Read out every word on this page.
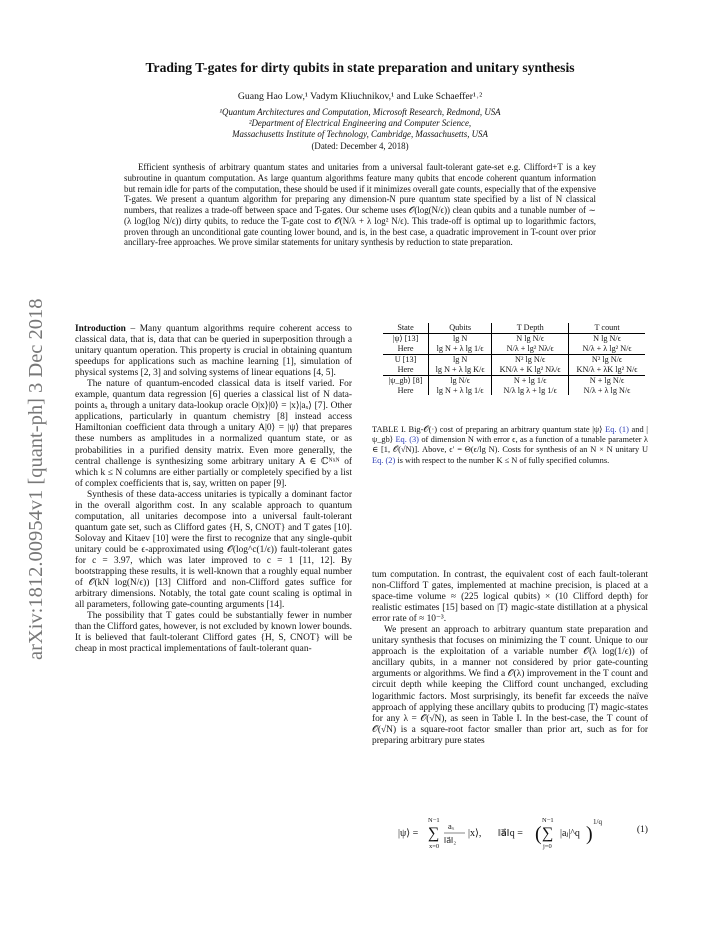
arXiv:1812.00954v1 [quant-ph] 3 Dec 2018
Trading T-gates for dirty qubits in state preparation and unitary synthesis
Guang Hao Low,¹ Vadym Kliuchnikov,¹ and Luke Schaeffer¹˒²
¹Quantum Architectures and Computation, Microsoft Research, Redmond, USA
²Department of Electrical Engineering and Computer Science,
Massachusetts Institute of Technology, Cambridge, Massachusetts, USA
(Dated: December 4, 2018)
Efficient synthesis of arbitrary quantum states and unitaries from a universal fault-tolerant gate-set e.g. Clifford+T is a key subroutine in quantum computation. As large quantum algorithms feature many qubits that encode coherent quantum information but remain idle for parts of the computation, these should be used if it minimizes overall gate counts, especially that of the expensive T-gates. We present a quantum algorithm for preparing any dimension-N pure quantum state specified by a list of N classical numbers, that realizes a trade-off between space and T-gates. Our scheme uses 𝒪(log(N/ϵ)) clean qubits and a tunable number of ∼ (λ log(log N/ϵ)) dirty qubits, to reduce the T-gate cost to 𝒪(N/λ + λ log² N/ϵ). This trade-off is optimal up to logarithmic factors, proven through an unconditional gate counting lower bound, and is, in the best case, a quadratic improvement in T-count over prior ancillary-free approaches. We prove similar statements for unitary synthesis by reduction to state preparation.

Introduction – Many quantum algorithms require coherent access to classical data, that is, data that can be queried in superposition through a unitary quantum operation. This property is crucial in obtaining quantum speedups for applications such as machine learning [1], simulation of physical systems [2, 3] and solving systems of linear equations [4, 5].

The nature of quantum-encoded classical data is itself varied. For example, quantum data regression [6] queries a classical list of N data-points aₓ through a unitary data-lookup oracle O|x⟩|0⟩ = |x⟩|aₓ⟩ [7]. Other applications, particularly in quantum chemistry [8] instead access Hamiltonian coefficient data through a unitary A|0⟩ = |ψ⟩ that prepares these numbers as amplitudes in a normalized quantum state, or as probabilities in a purified density matrix. Even more generally, the central challenge is synthesizing some arbitrary unitary A ∈ ℂᴺˣᴺ of which k ≤ N columns are either partially or completely specified by a list of complex coefficients that is, say, written on paper [9].

Synthesis of these data-access unitaries is typically a dominant factor in the overall algorithm cost. In any scalable approach to quantum computation, all unitaries decompose into a universal fault-tolerant quantum gate set, such as Clifford gates {H, S, CNOT} and T gates [10]. Solovay and Kitaev [10] were the first to recognize that any single-qubit unitary could be ϵ-approximated using 𝒪(log^c(1/ϵ)) fault-tolerant gates for c = 3.97, which was later improved to c = 1 [11, 12]. By bootstrapping these results, it is well-known that a roughly equal number of 𝒪(kN log(N/ϵ)) [13] Clifford and non-Clifford gates suffice for arbitrary dimensions. Notably, the total gate count scaling is optimal in all parameters, following gate-counting arguments [14].

The possibility that T gates could be substantially fewer in number than the Clifford gates, however, is not excluded by known lower bounds. It is believed that fault-tolerant Clifford gates {H, S, CNOT} will be cheap in most practical implementations of fault-tolerant quan-

State	Qubits	T Depth	T count
|ψ⟩ [13]	lg N	N lg N/ϵ	N lg N/ϵ
Here	lg N + λ lg 1/ϵ	N/λ + lg² Nλ/ϵ	N/λ + λ lg² N/ϵ
U [13]	lg N	N² lg N/ϵ	N² lg N/ϵ
Here	lg N + λ lg K/ϵ	KN/λ + K lg² Nλ/ϵ	KN/λ + λK lg² N/ϵ
|ψ_gb⟩ [8]	lg N/ϵ	N + lg 1/ϵ	N + lg N/ϵ
Here	lg N + λ lg 1/ϵ	N/λ lg λ + lg 1/ϵ	N/λ + λ lg N/ϵ
TABLE I. Big-𝒪(·) cost of preparing an arbitrary quantum state |ψ⟩ Eq. (1) and |ψ_gb⟩ Eq. (3) of dimension N with error ϵ, as a function of a tunable parameter λ ∈ [1, 𝒪(√N)]. Above, ϵ′ = Θ(ϵ/lg N). Costs for synthesis of an N × N unitary U Eq. (2) is with respect to the number K ≤ N of fully specified columns.

tum computation. In contrast, the equivalent cost of each fault-tolerant non-Clifford T gates, implemented at machine precision, is placed at a space-time volume ≈ (225 logical qubits) × (10 Clifford depth) for realistic estimates [15] based on |T⟩ magic-state distillation at a physical error rate of ≈ 10⁻³.

We present an approach to arbitrary quantum state preparation and unitary synthesis that focuses on minimizing the T count. Unique to our approach is the exploitation of a variable number 𝒪(λ log(1/ϵ)) of ancillary qubits, in a manner not considered by prior gate-counting arguments or algorithms. We find a 𝒪(λ) improvement in the T count and circuit depth while keeping the Clifford count unchanged, excluding logarithmic factors. Most surprisingly, its benefit far exceeds the naïve approach of applying these ancillary qubits to producing |T⟩ magic-states for any λ = 𝒪(√N), as seen in Table I. In the best-case, the T count of 𝒪(√N) is a square-root factor smaller than prior art, such as for for preparing arbitrary pure states

|ψ⟩ =
N−1
∑
x=0
aₓ
‖a⃗‖₂
|x⟩, ‖a⃗‖q = (
N−1
∑
j=0
|aⱼ|^q )
1/q
(1)
